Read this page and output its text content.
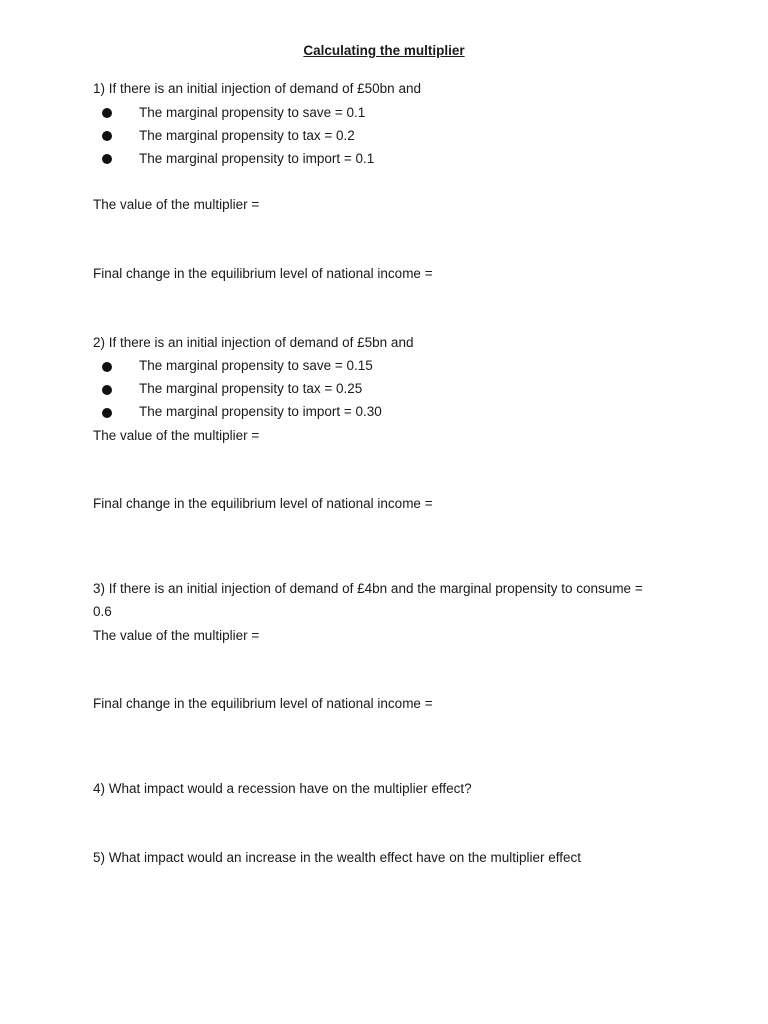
Calculating the multiplier
1) If there is an initial injection of demand of £50bn and
The marginal propensity to save = 0.1
The marginal propensity to tax = 0.2
The marginal propensity to import = 0.1
The value of the multiplier =
Final change in the equilibrium level of national income =
2) If there is an initial injection of demand of £5bn and
The marginal propensity to save = 0.15
The marginal propensity to tax = 0.25
The marginal propensity to import = 0.30
The value of the multiplier =
Final change in the equilibrium level of national income =
3) If there is an initial injection of demand of £4bn and the marginal propensity to consume =
0.6
The value of the multiplier =
Final change in the equilibrium level of national income =
4) What impact would a recession have on the multiplier effect?
5) What impact would an increase in the wealth effect have on the multiplier effect
